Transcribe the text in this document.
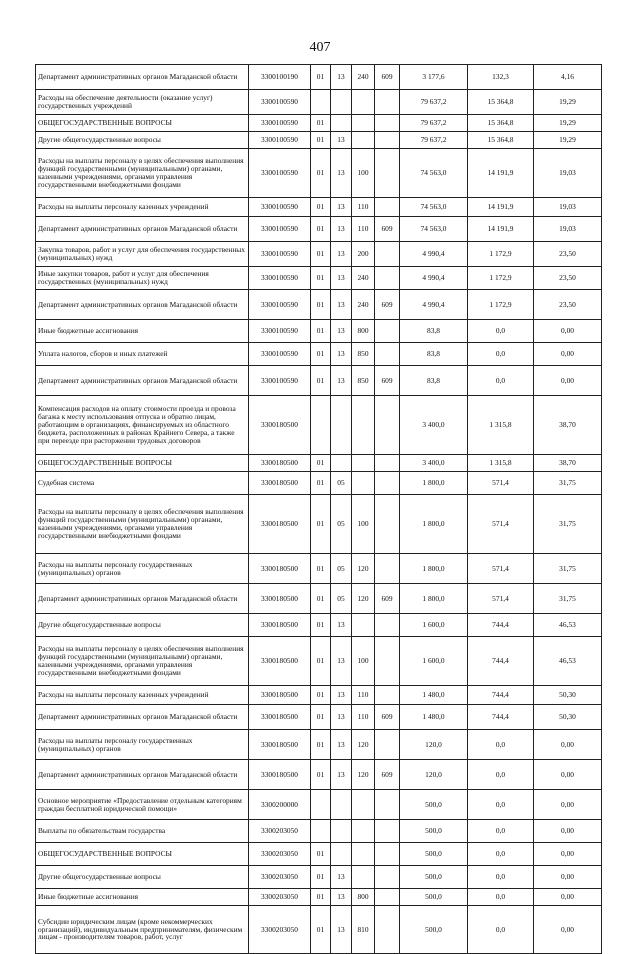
407
Департамент административных органов Магаданской области	3300100190	01	13	240	609	3 177,6	132,3	4,16
Расходы на обеспечение деятельности (оказание услуг) государственных учреждений	3300100590					79 637,2	15 364,8	19,29
ОБЩЕГОСУДАРСТВЕННЫЕ ВОПРОСЫ	3300100590	01				79 637,2	15 364,8	19,29
Другие общегосударственные вопросы	3300100590	01	13			79 637,2	15 364,8	19,29
Расходы на выплаты персоналу в целях обеспечения выполнения функций государственными (муниципальными) органами, казенными учреждениями, органами управления государственными внебюджетными фондами	3300100590	01	13	100		74 563,0	14 191,9	19,03
Расходы на выплаты персоналу казенных учреждений	3300100590	01	13	110		74 563,0	14 191,9	19,03
Департамент административных органов Магаданской области	3300100590	01	13	110	609	74 563,0	14 191,9	19,03
Закупка товаров, работ и услуг для обеспечения государственных (муниципальных) нужд	3300100590	01	13	200		4 990,4	1 172,9	23,50
Иные закупки товаров, работ и услуг для обеспечения государственных (муниципальных) нужд	3300100590	01	13	240		4 990,4	1 172,9	23,50
Департамент административных органов Магаданской области	3300100590	01	13	240	609	4 990,4	1 172,9	23,50
Иные бюджетные ассигнования	3300100590	01	13	800		83,8	0,0	0,00
Уплата налогов, сборов и иных платежей	3300100590	01	13	850		83,8	0,0	0,00
Департамент административных органов Магаданской области	3300100590	01	13	850	609	83,8	0,0	0,00
Компенсация расходов на оплату стоимости проезда и провоза багажа к месту использования отпуска и обратно лицам, работающим в организациях, финансируемых из областного бюджета, расположенных в районах Крайнего Севера, а также при переезде при расторжении трудовых договоров	3300180500					3 400,0	1 315,8	38,70
ОБЩЕГОСУДАРСТВЕННЫЕ ВОПРОСЫ	3300180500	01				3 400,0	1 315,8	38,70
Судебная система	3300180500	01	05			1 800,0	571,4	31,75
Расходы на выплаты персоналу в целях обеспечения выполнения функций государственными (муниципальными) органами, казенными учреждениями, органами управления государственными внебюджетными фондами	3300180500	01	05	100		1 800,0	571,4	31,75
Расходы на выплаты персоналу государственных (муниципальных) органов	3300180500	01	05	120		1 800,0	571,4	31,75
Департамент административных органов Магаданской области	3300180500	01	05	120	609	1 800,0	571,4	31,75
Другие общегосударственные вопросы	3300180500	01	13			1 600,0	744,4	46,53
Расходы на выплаты персоналу в целях обеспечения выполнения функций государственными (муниципальными) органами, казенными учреждениями, органами управления государственными внебюджетными фондами	3300180500	01	13	100		1 600,0	744,4	46,53
Расходы на выплаты персоналу казенных учреждений	3300180500	01	13	110		1 480,0	744,4	50,30
Департамент административных органов Магаданской области	3300180500	01	13	110	609	1 480,0	744,4	50,30
Расходы на выплаты персоналу государственных (муниципальных) органов	3300180500	01	13	120		120,0	0,0	0,00
Департамент административных органов Магаданской области	3300180500	01	13	120	609	120,0	0,0	0,00
Основное мероприятие «Предоставление отдельным категориям граждан бесплатной юридической помощи»	3300200000					500,0	0,0	0,00
Выплаты по обязательствам государства	3300203050					500,0	0,0	0,00
ОБЩЕГОСУДАРСТВЕННЫЕ ВОПРОСЫ	3300203050	01				500,0	0,0	0,00
Другие общегосударственные вопросы	3300203050	01	13			500,0	0,0	0,00
Иные бюджетные ассигнования	3300203050	01	13	800		500,0	0,0	0,00
Субсидии юридическим лицам (кроме некоммерческих организаций), индивидуальным предпринимателям, физическим лицам - производителям товаров, работ, услуг	3300203050	01	13	810		500,0	0,0	0,00
